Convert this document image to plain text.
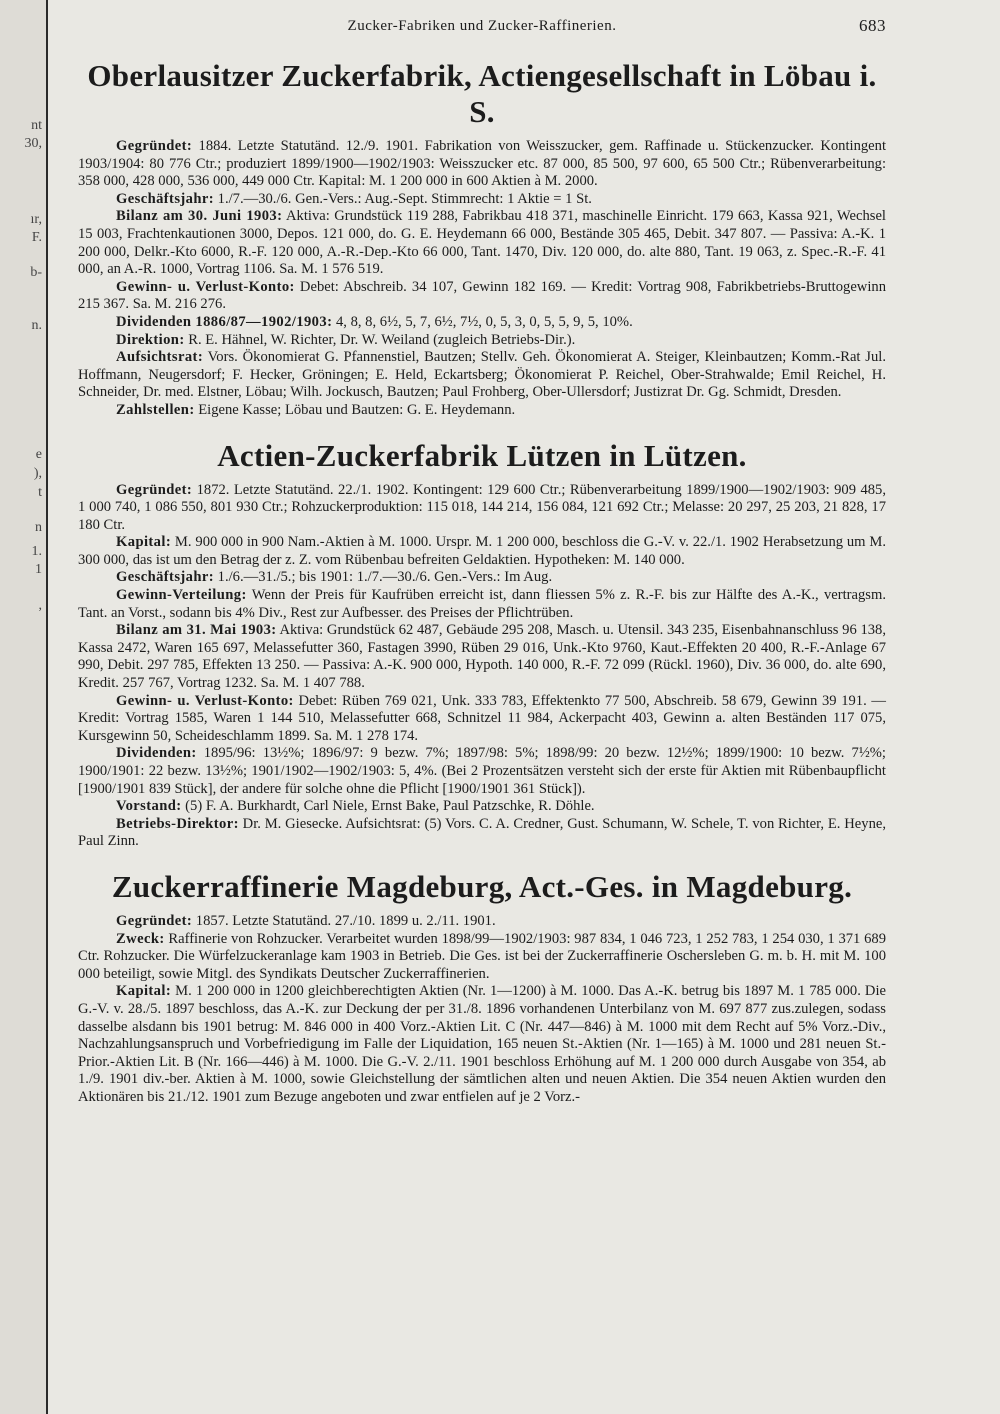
nt
30,
ır,
F.
b-
n.
e
),
t
n
1.
1
,
Zucker-Fabriken und Zucker-Raffinerien.	683
Oberlausitzer Zuckerfabrik, Actiengesellschaft in Löbau i. S.

Gegründet: 1884. Letzte Statutänd. 12./9. 1901. Fabrikation von Weisszucker, gem. Raffinade u. Stückenzucker. Kontingent 1903/1904: 80 776 Ctr.; produziert 1899/1900—1902/1903: Weisszucker etc. 87 000, 85 500, 97 600, 65 500 Ctr.; Rübenverarbeitung: 358 000, 428 000, 536 000, 449 000 Ctr. Kapital: M. 1 200 000 in 600 Aktien à M. 2000.

Geschäftsjahr: 1./7.—30./6. Gen.-Vers.: Aug.-Sept. Stimmrecht: 1 Aktie = 1 St.

Bilanz am 30. Juni 1903: Aktiva: Grundstück 119 288, Fabrikbau 418 371, maschinelle Einricht. 179 663, Kassa 921, Wechsel 15 003, Frachtenkautionen 3000, Depos. 121 000, do. G. E. Heydemann 66 000, Bestände 305 465, Debit. 347 807. — Passiva: A.-K. 1 200 000, Delkr.-Kto 6000, R.-F. 120 000, A.-R.-Dep.-Kto 66 000, Tant. 1470, Div. 120 000, do. alte 880, Tant. 19 063, z. Spec.-R.-F. 41 000, an A.-R. 1000, Vortrag 1106. Sa. M. 1 576 519.

Gewinn- u. Verlust-Konto: Debet: Abschreib. 34 107, Gewinn 182 169. — Kredit: Vortrag 908, Fabrikbetriebs-Bruttogewinn 215 367. Sa. M. 216 276.

Dividenden 1886/87—1902/1903: 4, 8, 8, 6½, 5, 7, 6½, 7½, 0, 5, 3, 0, 5, 5, 9, 5, 10%.

Direktion: R. E. Hähnel, W. Richter, Dr. W. Weiland (zugleich Betriebs-Dir.).

Aufsichtsrat: Vors. Ökonomierat G. Pfannenstiel, Bautzen; Stellv. Geh. Ökonomierat A. Steiger, Kleinbautzen; Komm.-Rat Jul. Hoffmann, Neugersdorf; F. Hecker, Gröningen; E. Held, Eckartsberg; Ökonomierat P. Reichel, Ober-Strahwalde; Emil Reichel, H. Schneider, Dr. med. Elstner, Löbau; Wilh. Jockusch, Bautzen; Paul Frohberg, Ober-Ullersdorf; Justizrat Dr. Gg. Schmidt, Dresden.

Zahlstellen: Eigene Kasse; Löbau und Bautzen: G. E. Heydemann.

Actien-Zuckerfabrik Lützen in Lützen.

Gegründet: 1872. Letzte Statutänd. 22./1. 1902. Kontingent: 129 600 Ctr.; Rübenverarbeitung 1899/1900—1902/1903: 909 485, 1 000 740, 1 086 550, 801 930 Ctr.; Rohzuckerproduktion: 115 018, 144 214, 156 084, 121 692 Ctr.; Melasse: 20 297, 25 203, 21 828, 17 180 Ctr.

Kapital: M. 900 000 in 900 Nam.-Aktien à M. 1000. Urspr. M. 1 200 000, beschloss die G.-V. v. 22./1. 1902 Herabsetzung um M. 300 000, das ist um den Betrag der z. Z. vom Rübenbau befreiten Geldaktien. Hypotheken: M. 140 000.

Geschäftsjahr: 1./6.—31./5.; bis 1901: 1./7.—30./6. Gen.-Vers.: Im Aug.

Gewinn-Verteilung: Wenn der Preis für Kaufrüben erreicht ist, dann fliessen 5% z. R.-F. bis zur Hälfte des A.-K., vertragsm. Tant. an Vorst., sodann bis 4% Div., Rest zur Aufbesser. des Preises der Pflichtrüben.

Bilanz am 31. Mai 1903: Aktiva: Grundstück 62 487, Gebäude 295 208, Masch. u. Utensil. 343 235, Eisenbahnanschluss 96 138, Kassa 2472, Waren 165 697, Melassefutter 360, Fastagen 3990, Rüben 29 016, Unk.-Kto 9760, Kaut.-Effekten 20 400, R.-F.-Anlage 67 990, Debit. 297 785, Effekten 13 250. — Passiva: A.-K. 900 000, Hypoth. 140 000, R.-F. 72 099 (Rückl. 1960), Div. 36 000, do. alte 690, Kredit. 257 767, Vortrag 1232. Sa. M. 1 407 788.

Gewinn- u. Verlust-Konto: Debet: Rüben 769 021, Unk. 333 783, Effektenkto 77 500, Abschreib. 58 679, Gewinn 39 191. — Kredit: Vortrag 1585, Waren 1 144 510, Melassefutter 668, Schnitzel 11 984, Ackerpacht 403, Gewinn a. alten Beständen 117 075, Kursgewinn 50, Scheideschlamm 1899. Sa. M. 1 278 174.

Dividenden: 1895/96: 13½%; 1896/97: 9 bezw. 7%; 1897/98: 5%; 1898/99: 20 bezw. 12½%; 1899/1900: 10 bezw. 7½%; 1900/1901: 22 bezw. 13½%; 1901/1902—1902/1903: 5, 4%. (Bei 2 Prozentsätzen versteht sich der erste für Aktien mit Rübenbaupflicht [1900/1901 839 Stück], der andere für solche ohne die Pflicht [1900/1901 361 Stück]).

Vorstand: (5) F. A. Burkhardt, Carl Niele, Ernst Bake, Paul Patzschke, R. Döhle.

Betriebs-Direktor: Dr. M. Giesecke. Aufsichtsrat: (5) Vors. C. A. Credner, Gust. Schumann, W. Schele, T. von Richter, E. Heyne, Paul Zinn.

Zuckerraffinerie Magdeburg, Act.-Ges. in Magdeburg.

Gegründet: 1857. Letzte Statutänd. 27./10. 1899 u. 2./11. 1901.

Zweck: Raffinerie von Rohzucker. Verarbeitet wurden 1898/99—1902/1903: 987 834, 1 046 723, 1 252 783, 1 254 030, 1 371 689 Ctr. Rohzucker. Die Würfelzuckeranlage kam 1903 in Betrieb. Die Ges. ist bei der Zuckerraffinerie Oschersleben G. m. b. H. mit M. 100 000 beteiligt, sowie Mitgl. des Syndikats Deutscher Zuckerraffinerien.

Kapital: M. 1 200 000 in 1200 gleichberechtigten Aktien (Nr. 1—1200) à M. 1000. Das A.-K. betrug bis 1897 M. 1 785 000. Die G.-V. v. 28./5. 1897 beschloss, das A.-K. zur Deckung der per 31./8. 1896 vorhandenen Unterbilanz von M. 697 877 zus.zulegen, sodass dasselbe alsdann bis 1901 betrug: M. 846 000 in 400 Vorz.-Aktien Lit. C (Nr. 447—846) à M. 1000 mit dem Recht auf 5% Vorz.-Div., Nachzahlungsanspruch und Vorbefriedigung im Falle der Liquidation, 165 neuen St.-Aktien (Nr. 1—165) à M. 1000 und 281 neuen St.-Prior.-Aktien Lit. B (Nr. 166—446) à M. 1000. Die G.-V. 2./11. 1901 beschloss Erhöhung auf M. 1 200 000 durch Ausgabe von 354, ab 1./9. 1901 div.-ber. Aktien à M. 1000, sowie Gleichstellung der sämtlichen alten und neuen Aktien. Die 354 neuen Aktien wurden den Aktionären bis 21./12. 1901 zum Bezuge angeboten und zwar entfielen auf je 2 Vorz.-
